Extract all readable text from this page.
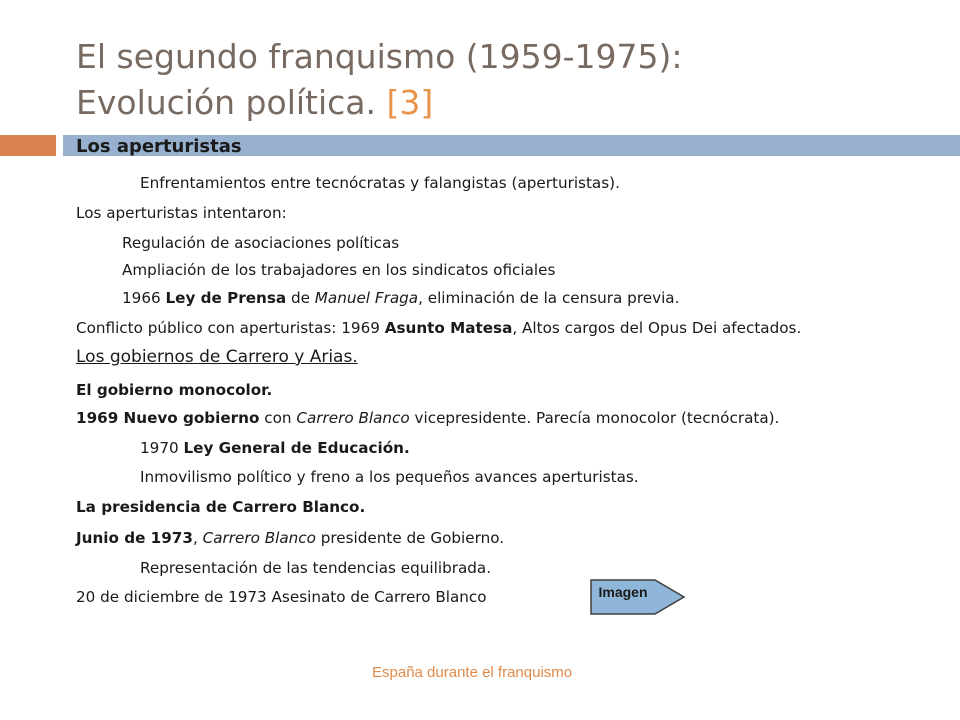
El segundo franquismo (1959-1975):
Evolución política. [3]
Los aperturistas
Enfrentamientos entre tecnócratas y falangistas (aperturistas).
Los aperturistas intentaron:
Regulación de asociaciones políticas
Ampliación de los trabajadores en los sindicatos oficiales
1966 Ley de Prensa de Manuel Fraga, eliminación de la censura previa.
Conflicto público con aperturistas: 1969 Asunto Matesa, Altos cargos del Opus Dei afectados.
Los gobiernos de Carrero y Arias.
El gobierno monocolor.
1969 Nuevo gobierno con Carrero Blanco vicepresidente. Parecía monocolor (tecnócrata).
1970 Ley General de Educación.
Inmovilismo político y freno a los pequeños avances aperturistas.
La presidencia de Carrero Blanco.
Junio de 1973, Carrero Blanco presidente de Gobierno.
Representación de las tendencias equilibrada.
20 de diciembre de 1973 Asesinato de Carrero Blanco	Imagen
España durante el franquismo
